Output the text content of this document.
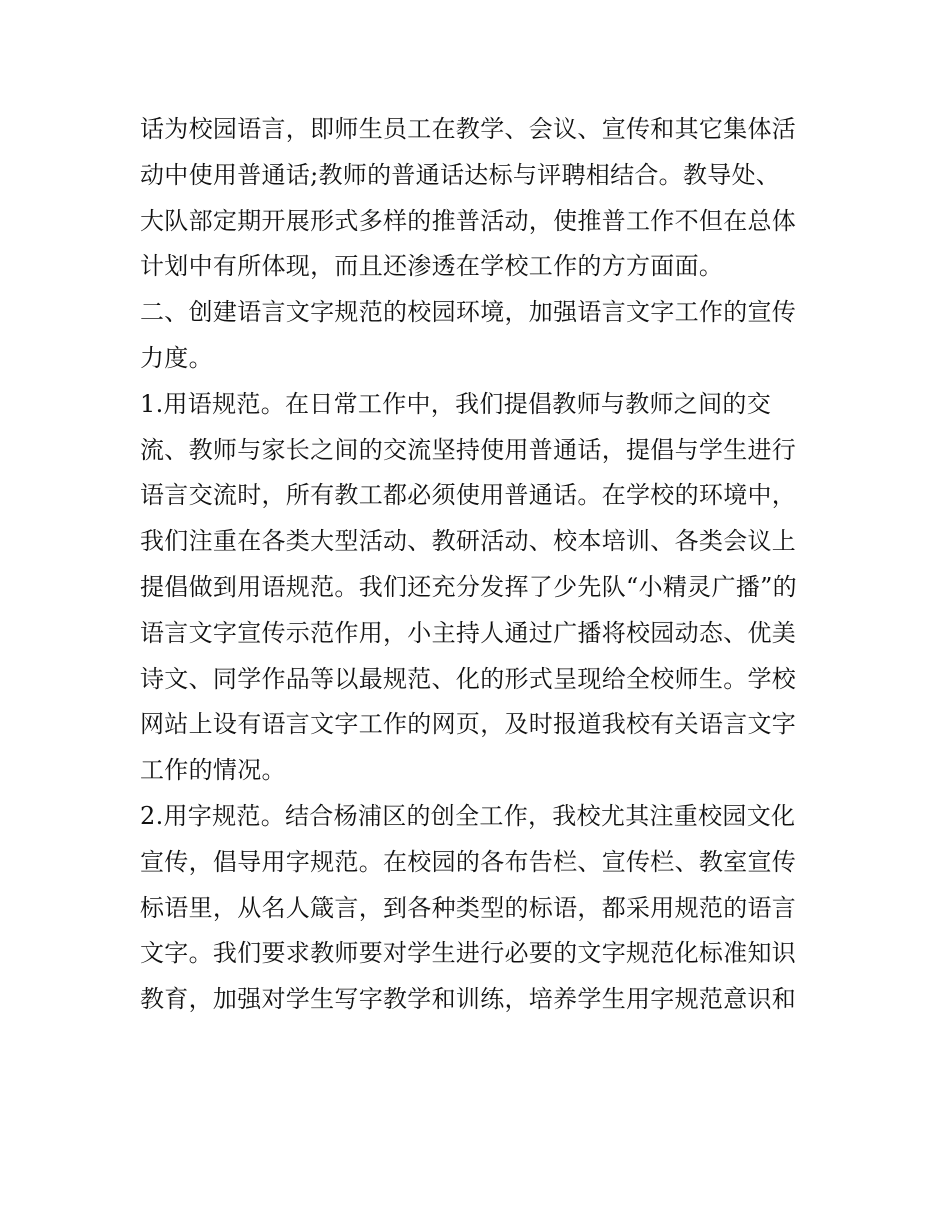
话为校园语言，即师生员工在教学、会议、宣传和其它集体活
动中使用普通话;教师的普通话达标与评聘相结合。教导处、
大队部定期开展形式多样的推普活动，使推普工作不但在总体
计划中有所体现，而且还渗透在学校工作的方方面面。
二、创建语言文字规范的校园环境，加强语言文字工作的宣传
力度。
1.用语规范。在日常工作中，我们提倡教师与教师之间的交
流、教师与家长之间的交流坚持使用普通话，提倡与学生进行
语言交流时，所有教工都必须使用普通话。在学校的环境中，
我们注重在各类大型活动、教研活动、校本培训、各类会议上
提倡做到用语规范。我们还充分发挥了少先队“小精灵广播”的
语言文字宣传示范作用，小主持人通过广播将校园动态、优美
诗文、同学作品等以最规范、化的形式呈现给全校师生。学校
网站上设有语言文字工作的网页，及时报道我校有关语言文字
工作的情况。
2.用字规范。结合杨浦区的创全工作，我校尤其注重校园文化
宣传，倡导用字规范。在校园的各布告栏、宣传栏、教室宣传
标语里，从名人箴言，到各种类型的标语，都采用规范的语言
文字。我们要求教师要对学生进行必要的文字规范化标准知识
教育，加强对学生写字教学和训练，培养学生用字规范意识和
